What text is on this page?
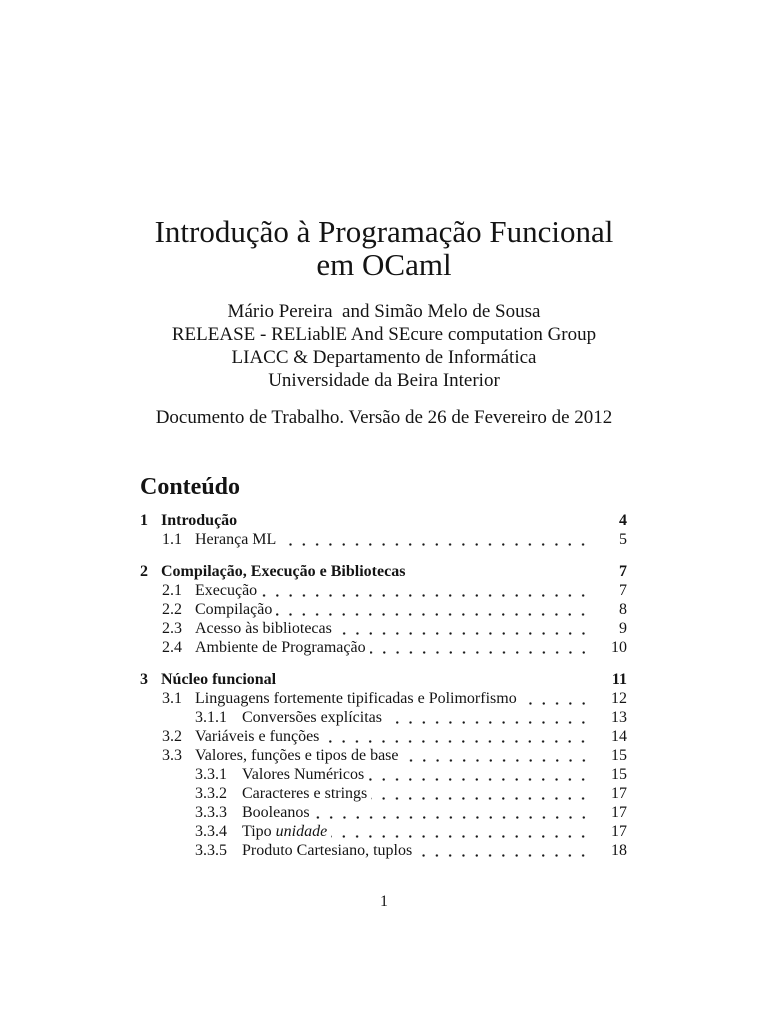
Introdução à Programação Funcional
em OCaml
Mário Pereira  and Simão Melo de Sousa
RELEASE - RELiablE And SEcure computation Group
LIACC & Departamento de Informática
Universidade da Beira Interior
Documento de Trabalho. Versão de 26 de Fevereiro de 2012
Conteúdo
1 Introdução	4
1.1 Herança ML	5
2 Compilação, Execução e Bibliotecas	7
2.1 Execução	7
2.2 Compilação	8
2.3 Acesso às bibliotecas	9
2.4 Ambiente de Programação	10
3 Núcleo funcional	11
3.1 Linguagens fortemente tipificadas e Polimorfismo	12
3.1.1 Conversões explícitas	13
3.2 Variáveis e funções	14
3.3 Valores, funções e tipos de base	15
3.3.1 Valores Numéricos	15
3.3.2 Caracteres e strings	17
3.3.3 Booleanos	17
3.3.4 Tipo unidade	17
3.3.5 Produto Cartesiano, tuplos	18
1
